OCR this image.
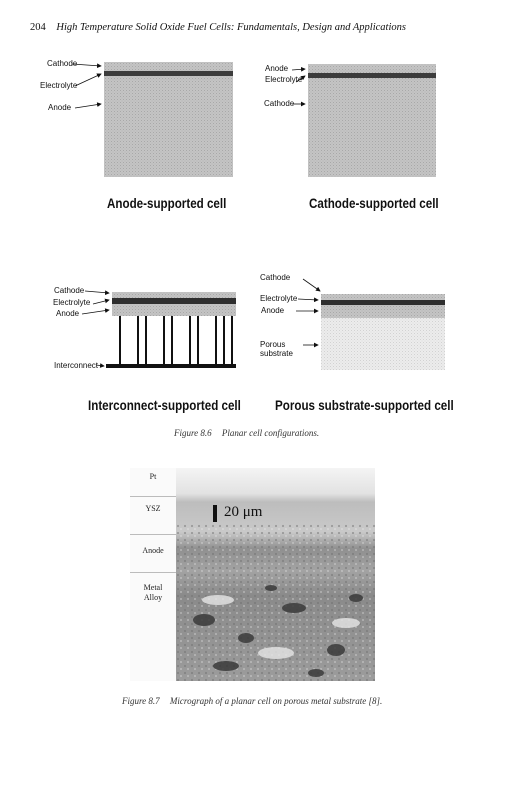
204 High Temperature Solid Oxide Fuel Cells: Fundamentals, Design and Applications
Cathode
Electrolyte
Anode
Anode-supported cell
Anode
Electrolyte
Cathode
Cathode-supported cell
Cathode
Electrolyte
Anode
Interconnect
Interconnect-supported cell
Cathode
Electrolyte
Anode
Porous
substrate
Porous substrate-supported cell
Figure 8.6 Planar cell configurations.
Pt
YSZ
Anode
Metal
Alloy
20 μm
Figure 8.7 Micrograph of a planar cell on porous metal substrate [8].
